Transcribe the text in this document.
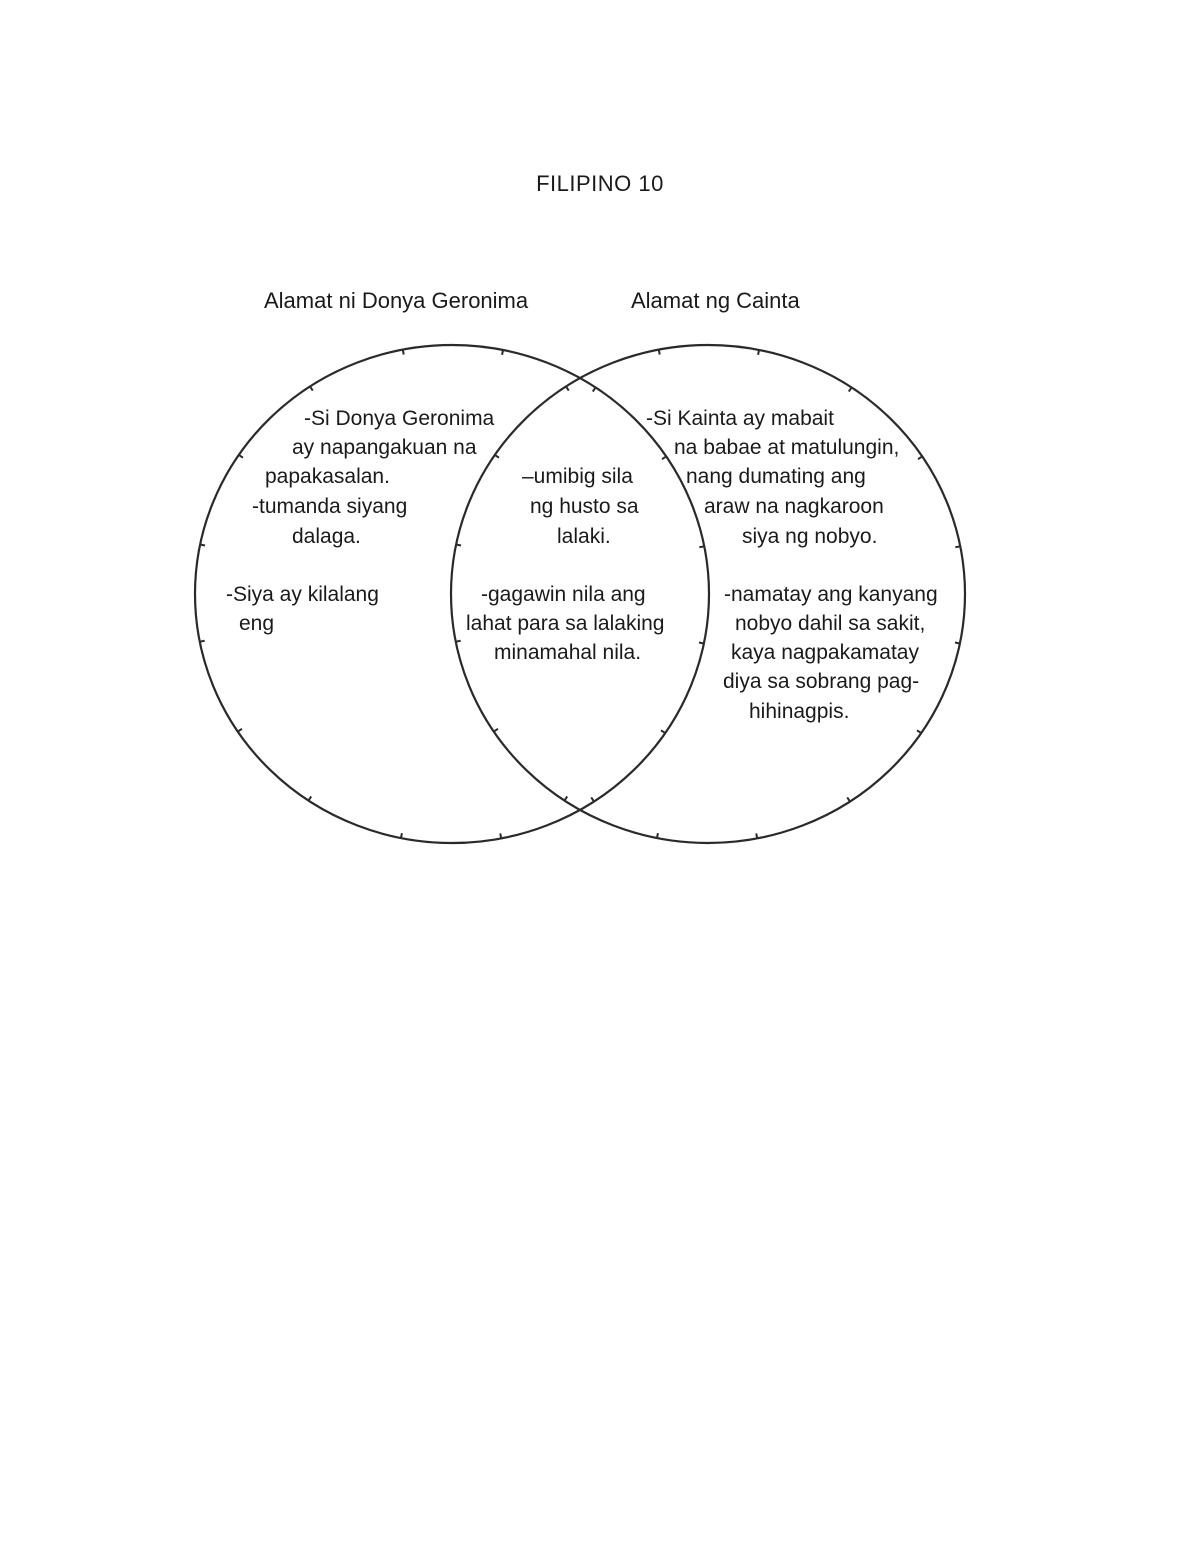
FILIPINO 10
Alamat ni Donya Geronima	Alamat ng Cainta
-Si Donya Geronima
ay napangakuan na
papakasalan.
-tumanda siyang
dalaga.
-Siya ay kilalang
eng
–umibig sila
ng husto sa
lalaki.
-gagawin nila ang
lahat para sa lalaking
minamahal nila.
-Si Kainta ay mabait
na babae at matulungin,
nang dumating ang
araw na nagkaroon
siya ng nobyo.
-namatay ang kanyang
nobyo dahil sa sakit,
kaya nagpakamatay
diya sa sobrang pag-
hihinagpis.
